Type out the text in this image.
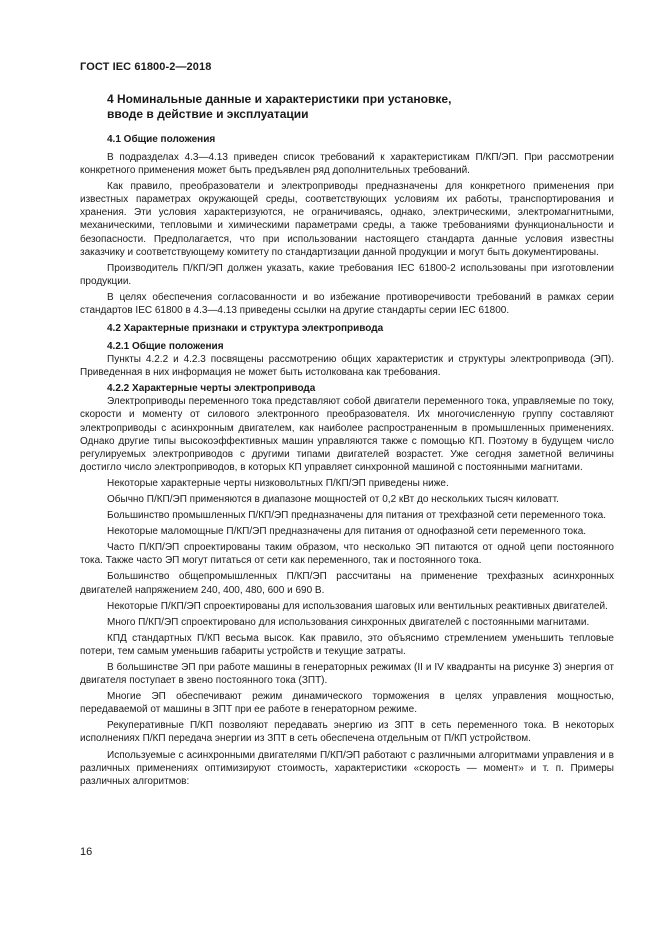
ГОСТ IEC 61800-2—2018
4 Номинальные данные и характеристики при установке,
вводе в действие и эксплуатации
4.1 Общие положения

В подразделах 4.3—4.13 приведен список требований к характеристикам П/КП/ЭП. При рассмотрении конкретного применения может быть предъявлен ряд дополнительных требований.

Как правило, преобразователи и электроприводы предназначены для конкретного применения при известных параметрах окружающей среды, соответствующих условиям их работы, транспортирования и хранения. Эти условия характеризуются, не ограничиваясь, однако, электрическими, электромагнитными, механическими, тепловыми и химическими параметрами среды, а также требованиями функциональности и безопасности. Предполагается, что при использовании настоящего стандарта данные условия известны заказчику и соответствующему комитету по стандартизации данной продукции и могут быть документированы.

Производитель П/КП/ЭП должен указать, какие требования IEC 61800-2 использованы при изготовлении продукции.

В целях обеспечения согласованности и во избежание противоречивости требований в рамках серии стандартов IEC 61800 в 4.3—4.13 приведены ссылки на другие стандарты серии IEC 61800.

4.2 Характерные признаки и структура электропривода
4.2.1 Общие положения

Пункты 4.2.2 и 4.2.3 посвящены рассмотрению общих характеристик и структуры электропривода (ЭП). Приведенная в них информация не может быть истолкована как требования.

4.2.2 Характерные черты электропривода

Электроприводы переменного тока представляют собой двигатели переменного тока, управляемые по току, скорости и моменту от силового электронного преобразователя. Их многочисленную группу составляют электроприводы с асинхронным двигателем, как наиболее распространенным в промышленных применениях. Однако другие типы высокоэффективных машин управляются также с помощью КП. Поэтому в будущем число регулируемых электроприводов с другими типами двигателей возрастет. Уже сегодня заметной величины достигло число электроприводов, в которых КП управляет синхронной машиной с постоянными магнитами.

Некоторые характерные черты низковольтных П/КП/ЭП приведены ниже.

Обычно П/КП/ЭП применяются в диапазоне мощностей от 0,2 кВт до нескольких тысяч киловатт.

Большинство промышленных П/КП/ЭП предназначены для питания от трехфазной сети переменного тока.

Некоторые маломощные П/КП/ЭП предназначены для питания от однофазной сети переменного тока.

Часто П/КП/ЭП спроектированы таким образом, что несколько ЭП питаются от одной цепи постоянного тока. Также часто ЭП могут питаться от сети как переменного, так и постоянного тока.

Большинство общепромышленных П/КП/ЭП рассчитаны на применение трехфазных асинхронных двигателей напряжением 240, 400, 480, 600 и 690 В.

Некоторые П/КП/ЭП спроектированы для использования шаговых или вентильных реактивных двигателей.

Много П/КП/ЭП спроектировано для использования синхронных двигателей с постоянными магнитами.

КПД стандартных П/КП весьма высок. Как правило, это объяснимо стремлением уменьшить тепловые потери, тем самым уменьшив габариты устройств и текущие затраты.

В большинстве ЭП при работе машины в генераторных режимах (II и IV квадранты на рисунке 3) энергия от двигателя поступает в звено постоянного тока (ЗПТ).

Многие ЭП обеспечивают режим динамического торможения в целях управления мощностью, передаваемой от машины в ЗПТ при ее работе в генераторном режиме.

Рекуперативные П/КП позволяют передавать энергию из ЗПТ в сеть переменного тока. В некоторых исполнениях П/КП передача энергии из ЗПТ в сеть обеспечена отдельным от П/КП устройством.

Используемые с асинхронными двигателями П/КП/ЭП работают с различными алгоритмами управления и в различных применениях оптимизируют стоимость, характеристики «скорость — момент» и т. п. Примеры различных алгоритмов:

16
